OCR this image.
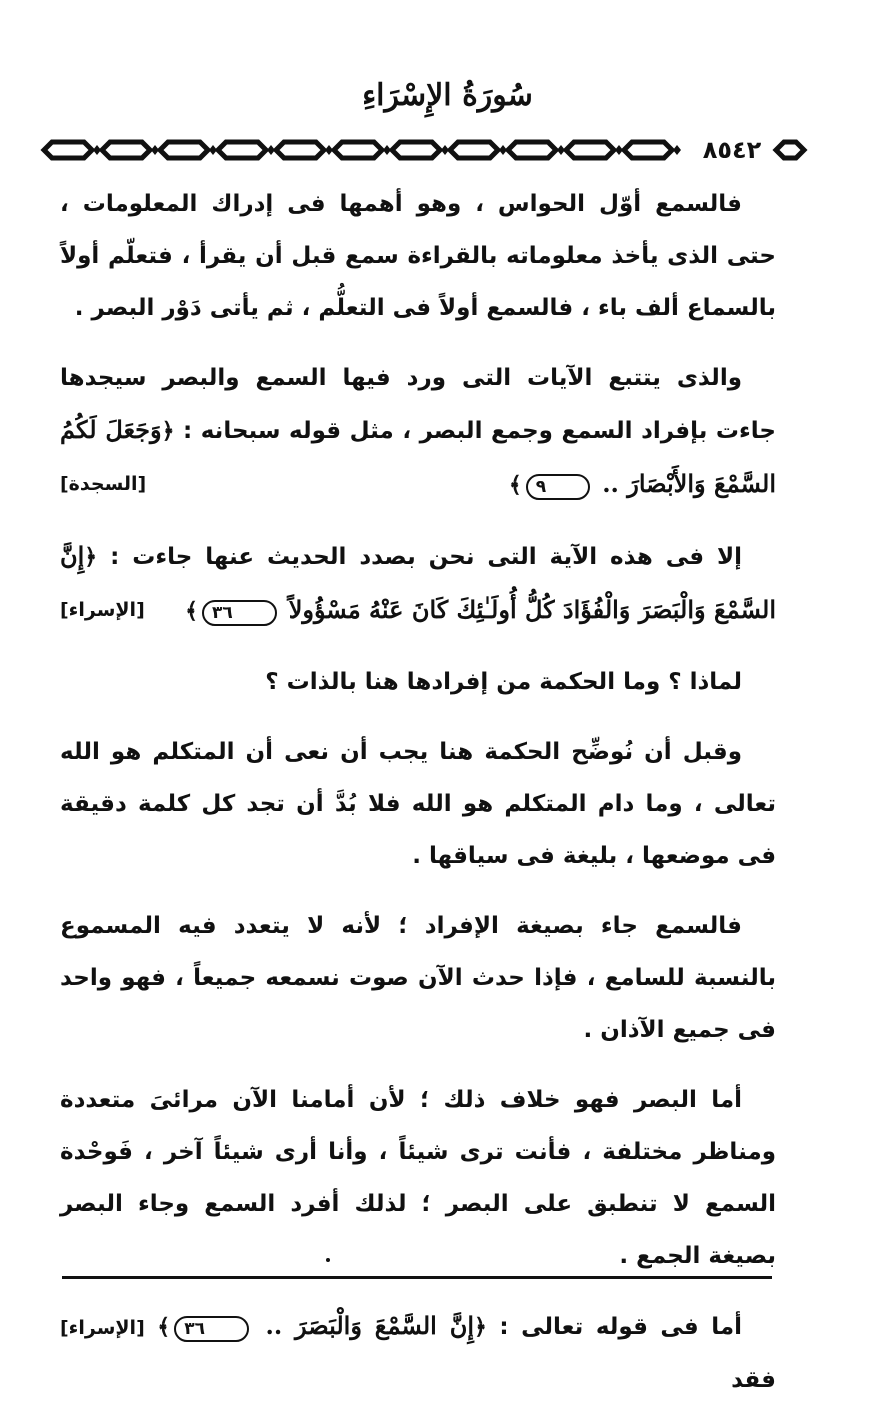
سُورَةُ الإِسْرَاءِ
٨٥٤٢

فالسمع أوّل الحواس ، وهو أهمها فى إدراك المعلومات ، حتى الذى يأخذ معلوماته بالقراءة سمع قبل أن يقرأ ، فتعلّم أولاً بالسماع ألف باء ، فالسمع أولاً فى التعلُّم ، ثم يأتى دَوْر البصر .

والذى يتتبع الآيات التى ورد فيها السمع والبصر سيجدها جاءت بإفراد السمع وجمع البصر ، مثل قوله سبحانه : ﴿وَجَعَلَ لَكُمُ السَّمْعَ وَالأَبْصَارَ .. ٩﴾
[السجدة]
إلا فى هذه الآية التى نحن بصدد الحديث عنها جاءت : ﴿إِنَّ السَّمْعَ وَالْبَصَرَ وَالْفُؤَادَ كُلُّ أُولَـٰئِكَ كَانَ عَنْهُ مَسْؤُولاً ٣٦﴾
[الإسراء]

لماذا ؟ وما الحكمة من إفرادها هنا بالذات ؟

وقبل أن نُوضِّح الحكمة هنا يجب أن نعى أن المتكلم هو الله تعالى ، وما دام المتكلم هو الله فلا بُدَّ أن تجد كل كلمة دقيقة فى موضعها ، بليغة فى سياقها .

فالسمع جاء بصيغة الإفراد ؛ لأنه لا يتعدد فيه المسموع بالنسبة للسامع ، فإذا حدث الآن صوت نسمعه جميعاً ، فهو واحد فى جميع الآذان .

أما البصر فهو خلاف ذلك ؛ لأن أمامنا الآن مرائىَ متعددة ومناظر مختلفة ، فأنت ترى شيئاً ، وأنا أرى شيئاً آخر ، فَوحْدة السمع لا تنطبق على البصر ؛ لذلك أفرد السمع وجاء البصر بصيغة الجمع .

أما فى قوله تعالى : ﴿إِنَّ السَّمْعَ وَالْبَصَرَ .. ٣٦﴾ [الإسراء] فقد
